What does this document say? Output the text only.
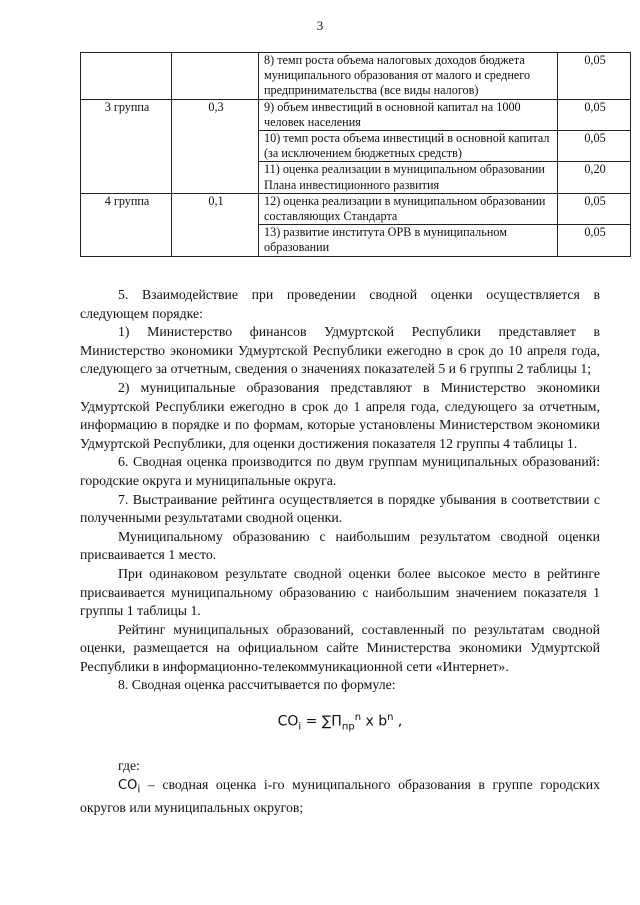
3
		8) темп роста объема налоговых доходов бюджета муниципального образования от малого и среднего предпринимательства (все виды налогов)	0,05
3 группа	0,3	9) объем инвестиций в основной капитал на 1000 человек населения	0,05
		10) темп роста объема инвестиций в основной капитал (за исключением бюджетных средств)	0,05
		11) оценка реализации в муниципальном образовании Плана инвестиционного развития	0,20
4 группа	0,1	12) оценка реализации в муниципальном образовании составляющих Стандарта	0,05
		13) развитие института ОРВ в муниципальном образовании	0,05

5. Взаимодействие при проведении сводной оценки осуществляется в следующем порядке:

1) Министерство финансов Удмуртской Республики представляет в Министерство экономики Удмуртской Республики ежегодно в срок до 10 апреля года, следующего за отчетным, сведения о значениях показателей 5 и 6 группы 2 таблицы 1;

2) муниципальные образования представляют в Министерство экономики Удмуртской Республики ежегодно в срок до 1 апреля года, следующего за отчетным, информацию в порядке и по формам, которые установлены Министерством экономики Удмуртской Республики, для оценки достижения показателя 12 группы 4 таблицы 1.

6. Сводная оценка производится по двум группам муниципальных образований: городские округа и муниципальные округа.

7. Выстраивание рейтинга осуществляется в порядке убывания в соответствии с полученными результатами сводной оценки.

Муниципальному образованию с наибольшим результатом сводной оценки присваивается 1 место.

При одинаковом результате сводной оценки более высокое место в рейтинге присваивается муниципальному образованию с наибольшим значением показателя 1 группы 1 таблицы 1.

Рейтинг муниципальных образований, составленный по результатам сводной оценки, размещается на официальном сайте Министерства экономики Удмуртской Республики в информационно-телекоммуникационной сети «Интернет».

8. Сводная оценка рассчитывается по формуле:

$СО_i = \sum П_{пр}^n$ x $b^n$ ,

где:

$СО_i$ – сводная оценка i-го муниципального образования в группе городских округов или муниципальных округов;
